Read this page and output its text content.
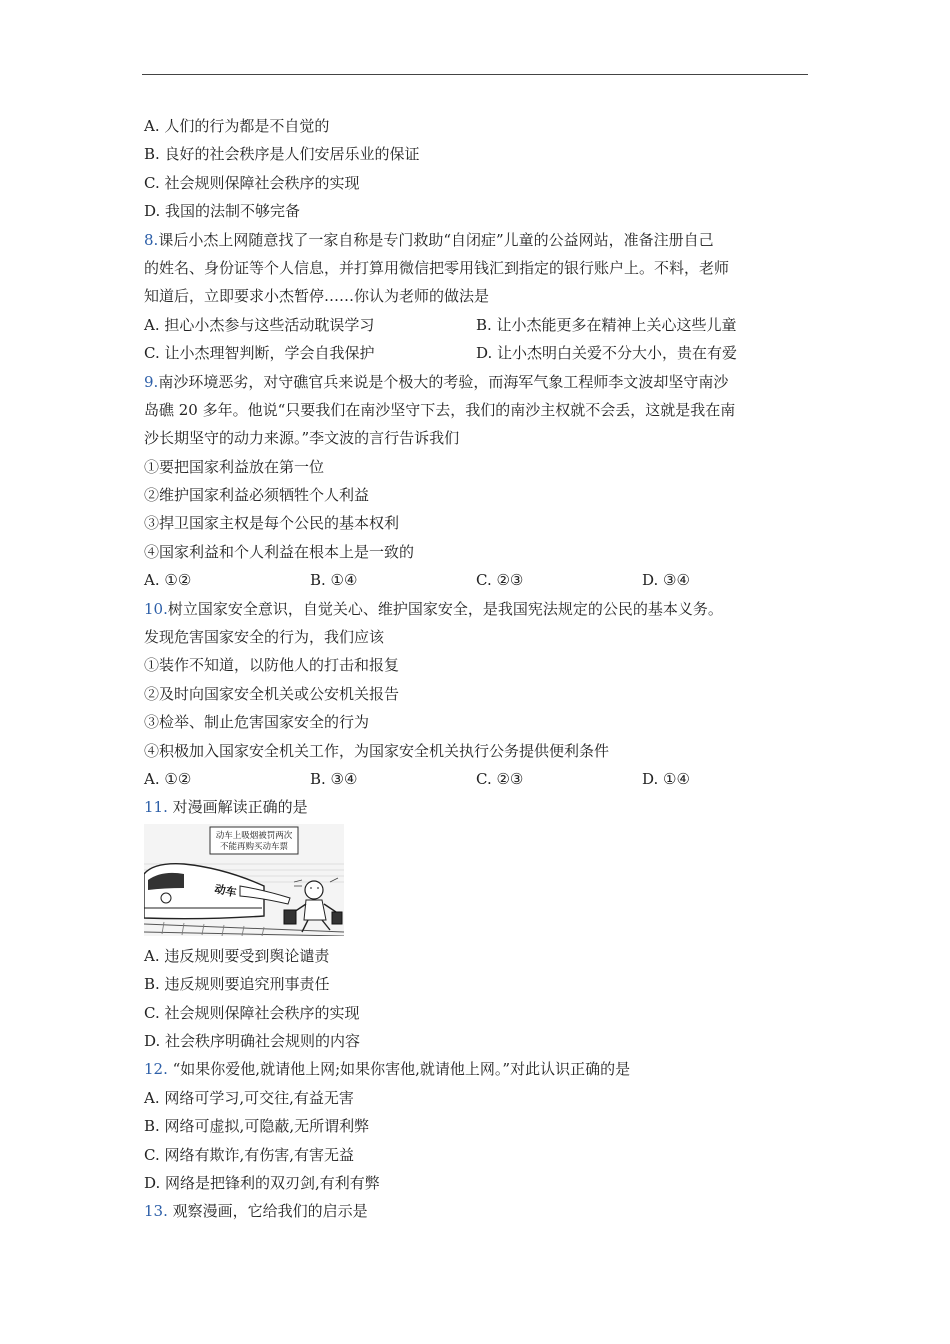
A. 人们的行为都是不自觉的
B. 良好的社会秩序是人们安居乐业的保证
C. 社会规则保障社会秩序的实现
D. 我国的法制不够完备
8.课后小杰上网随意找了一家自称是专门救助“自闭症”儿童的公益网站，准备注册自己
的姓名、身份证等个人信息，并打算用微信把零用钱汇到指定的银行账户上。不料，老师
知道后，立即要求小杰暂停……你认为老师的做法是
A. 担心小杰参与这些活动耽误学习	B. 让小杰能更多在精神上关心这些儿童
C. 让小杰理智判断，学会自我保护	D. 让小杰明白关爱不分大小，贵在有爱
9.南沙环境恶劣，对守礁官兵来说是个极大的考验，而海军气象工程师李文波却坚守南沙
岛礁 20 多年。他说“只要我们在南沙坚守下去，我们的南沙主权就不会丢，这就是我在南
沙长期坚守的动力来源。”李文波的言行告诉我们
①要把国家利益放在第一位
②维护国家利益必须牺牲个人利益
③捍卫国家主权是每个公民的基本权利
④国家利益和个人利益在根本上是一致的
A. ①②	B. ①④	C. ②③	D. ③④
10.树立国家安全意识，自觉关心、维护国家安全，是我国宪法规定的公民的基本义务。
发现危害国家安全的行为，我们应该
①装作不知道，以防他人的打击和报复
②及时向国家安全机关或公安机关报告
③检举、制止危害国家安全的行为
④积极加入国家安全机关工作，为国家安全机关执行公务提供便利条件
A. ①②	B. ③④	C. ②③	D. ①④
11. 对漫画解读正确的是
动车上吸烟被罚两次
不能再购买动车票
动车
A. 违反规则要受到舆论谴责
B. 违反规则要追究刑事责任
C. 社会规则保障社会秩序的实现
D. 社会秩序明确社会规则的内容
12. “如果你爱他,就请他上网;如果你害他,就请他上网。”对此认识正确的是
A. 网络可学习,可交往,有益无害
B. 网络可虚拟,可隐蔽,无所谓利弊
C. 网络有欺诈,有伤害,有害无益
D. 网络是把锋利的双刃剑,有利有弊
13. 观察漫画，它给我们的启示是
